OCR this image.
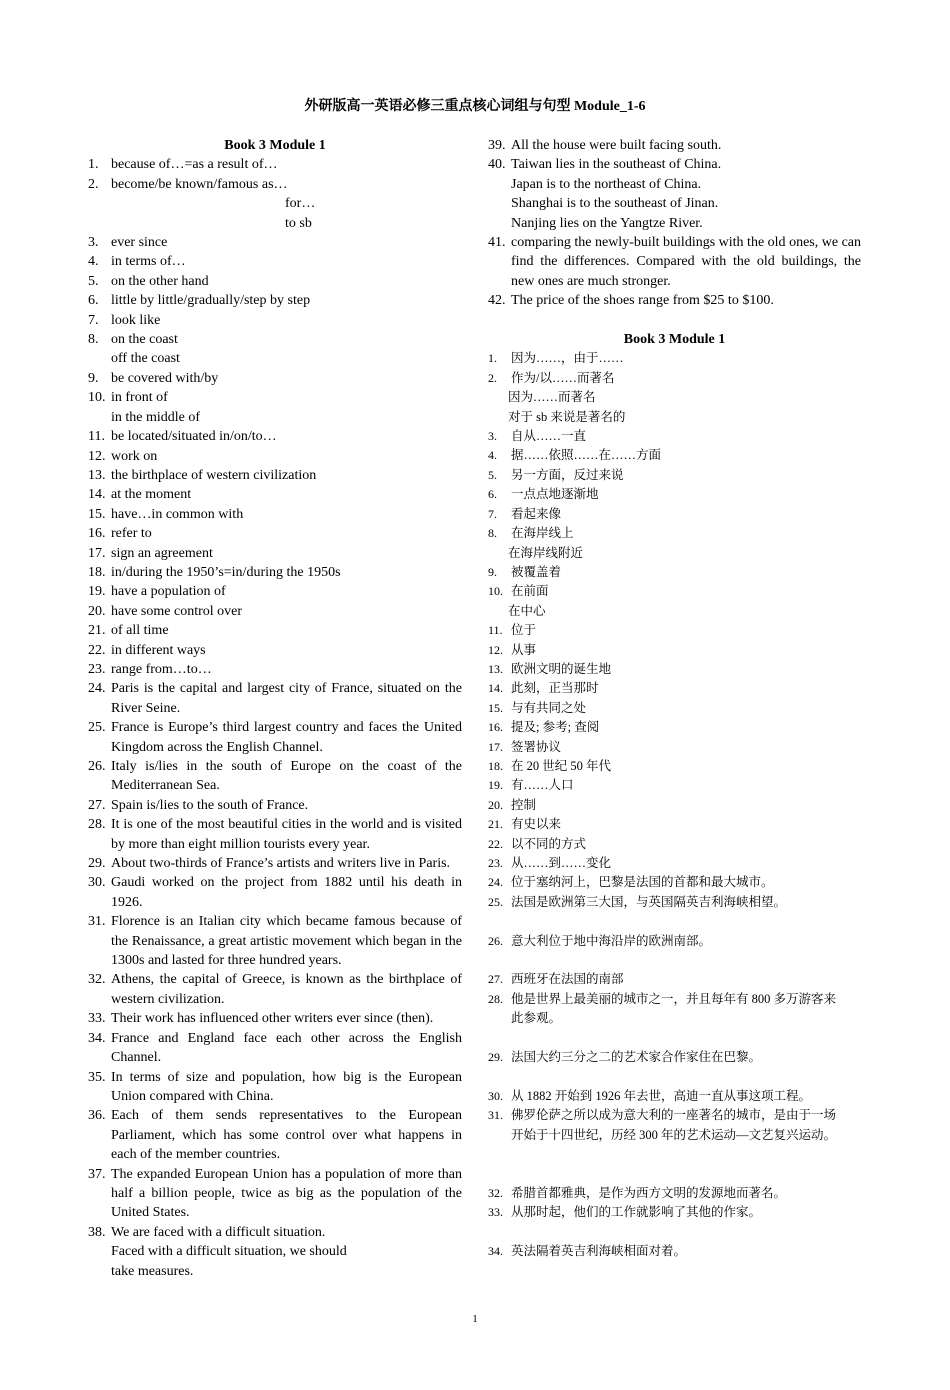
外研版高一英语必修三重点核心词组与句型 Module_1-6
Book 3 Module 1
1. because of…=as a result of…
2. become/be known/famous as…
for…
to sb
3. ever since
4. in terms of…
5. on the other hand
6. little by little/gradually/step by step
7. look like
8. on the coast
off the coast
9. be covered with/by
10. in front of
in the middle of
11. be located/situated in/on/to…
12. work on
13. the birthplace of western civilization
14. at the moment
15. have…in common with
16. refer to
17. sign an agreement
18. in/during the 1950’s=in/during the 1950s
19. have a population of
20. have some control over
21. of all time
22. in different ways
23. range from…to…
24. Paris is the capital and largest city of France, situated on the River Seine.
25. France is Europe’s third largest country and faces the United Kingdom across the English Channel.
26. Italy is/lies in the south of Europe on the coast of the Mediterranean Sea.
27. Spain is/lies to the south of France.
28. It is one of the most beautiful cities in the world and is visited by more than eight million tourists every year.
29. About two-thirds of France’s artists and writers live in Paris.
30. Gaudi worked on the project from 1882 until his death in 1926.
31. Florence is an Italian city which became famous because of the Renaissance, a great artistic movement which began in the 1300s and lasted for three hundred years.
32. Athens, the capital of Greece, is known as the birthplace of western civilization.
33. Their work has influenced other writers ever since (then).
34. France and England face each other across the English Channel.
35. In terms of size and population, how big is the European Union compared with China.
36. Each of them sends representatives to the European Parliament, which has some control over what happens in each of the member countries.
37. The expanded European Union has a population of more than half a billion people, twice as big as the population of the United States.
38. We are faced with a difficult situation.
Faced with a difficult situation, we should
take measures.
39. All the house were built facing south.
40. Taiwan lies in the southeast of China.
Japan is to the northeast of China.
Shanghai is to the southeast of Jinan.
Nanjing lies on the Yangtze River.
41. comparing the newly-built buildings with the old ones, we can find the differences. Compared with the old buildings, the new ones are much stronger.
42. The price of the shoes range from $25 to $100.
Book 3 Module 1
1. 因为……，由于……
2. 作为/以……而著名
因为……而著名
对于 sb 来说是著名的
3. 自从……一直
4. 据……依照……在……方面
5. 另一方面，反过来说
6. 一点点地逐渐地
7. 看起来像
8. 在海岸线上
在海岸线附近
9. 被覆盖着
10. 在前面
在中心
11. 位于
12. 从事
13. 欧洲文明的诞生地
14. 此刻，正当那时
15. 与有共同之处
16. 提及; 参考; 查阅
17. 签署协议
18. 在 20 世纪 50 年代
19. 有……人口
20. 控制
21. 有史以来
22. 以不同的方式
23. 从……到……变化
24. 位于塞纳河上，巴黎是法国的首都和最大城市。
25. 法国是欧洲第三大国，与英国隔英吉利海峡相望。
26. 意大利位于地中海沿岸的欧洲南部。
27. 西班牙在法国的南部
28. 他是世界上最美丽的城市之一，并且每年有 800 多万游客来
此参观。
29. 法国大约三分之二的艺术家合作家住在巴黎。
30. 从 1882 开始到 1926 年去世，高迪一直从事这项工程。
31. 佛罗伦萨之所以成为意大利的一座著名的城市，是由于一场
开始于十四世纪，历经 300 年的艺术运动—文艺复兴运动。
32. 希腊首都雅典，是作为西方文明的发源地而著名。
33. 从那时起，他们的工作就影响了其他的作家。
34. 英法隔着英吉利海峡相面对着。
1
